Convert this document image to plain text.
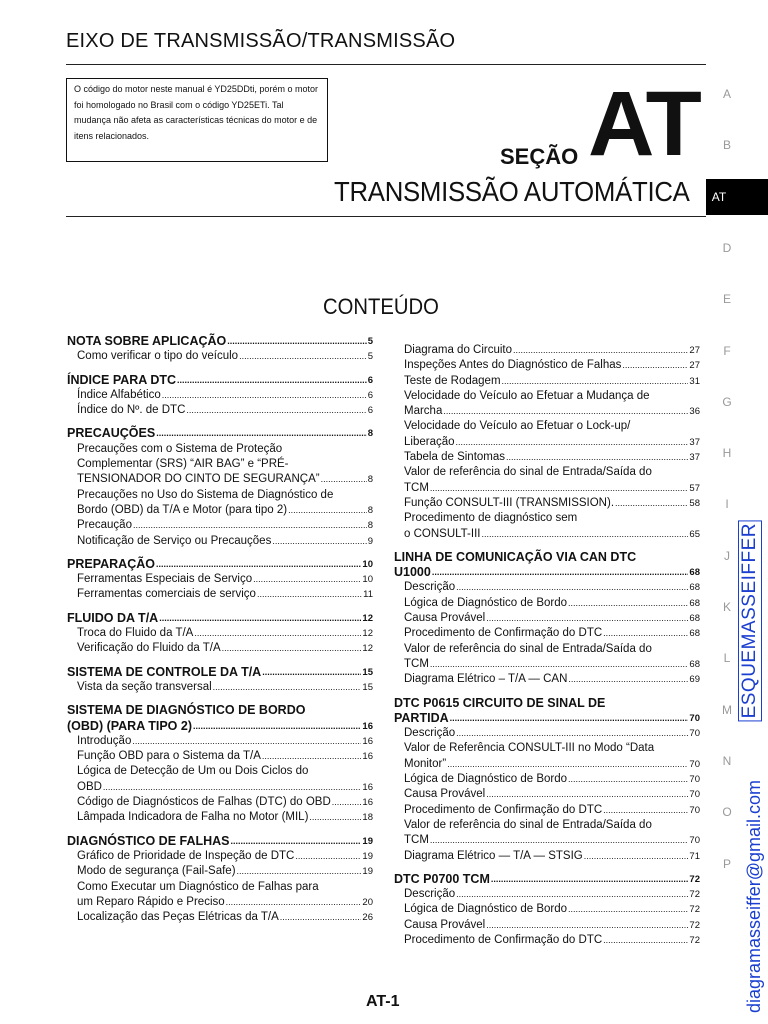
EIXO DE TRANSMISSÃO/TRANSMISSÃO
O código do motor neste manual é YD25DDti, porém o motor foi homologado no Brasil com o código YD25ETi. Tal mudança não afeta as características técnicas do motor e de itens relacionados.
SEÇÃO AT
TRANSMISSÃO AUTOMÁTICA
CONTEÚDO
NOTA SOBRE APLICAÇÃO .....	5
Como verificar o tipo do veículo .....	5
ÍNDICE PARA DTC .....	6
Índice Alfabético .....	6
Índice do Nº. de DTC .....	6
PRECAUÇÕES .....	8
Precauções com o Sistema de Proteção
Complementar (SRS) “AIR BAG” e “PRÉ-
TENSIONADOR DO CINTO DE SEGURANÇA” .....	8
Precauções no Uso do Sistema de Diagnóstico de
Bordo (OBD) da T/A e Motor (para tipo 2) .....	8
Precaução .....	8
Notificação de Serviço ou Precauções .....	9
PREPARAÇÃO .....	10
Ferramentas Especiais de Serviço .....	10
Ferramentas comerciais de serviço .....	11
FLUIDO DA T/A .....	12
Troca do Fluido da T/A .....	12
Verificação do Fluido da T/A .....	12
SISTEMA DE CONTROLE DA T/A .....	15
Vista da seção transversal .....	15
SISTEMA DE DIAGNÓSTICO DE BORDO
(OBD) (PARA TIPO 2) .....	16
Introdução .....	16
Função OBD para o Sistema da T/A .....	16
Lógica de Detecção de Um ou Dois Ciclos do
OBD .....	16
Código de Diagnósticos de Falhas (DTC) do OBD .....	16
Lâmpada Indicadora de Falha no Motor (MIL) .....	18
DIAGNÓSTICO DE FALHAS .....	19
Gráfico de Prioridade de Inspeção de DTC .....	19
Modo de segurança (Fail-Safe) .....	19
Como Executar um Diagnóstico de Falhas para
um Reparo Rápido e Preciso .....	20
Localização das Peças Elétricas da T/A .....	26
Diagrama do Circuito .....	27
Inspeções Antes do Diagnóstico de Falhas .....	27
Teste de Rodagem .....	31
Velocidade do Veículo ao Efetuar a Mudança de
Marcha .....	36
Velocidade do Veículo ao Efetuar o Lock-up/
Liberação .....	37
Tabela de Sintomas .....	37
Valor de referência do sinal de Entrada/Saída do
TCM .....	57
Função CONSULT-III (TRANSMISSION). .....	58
Procedimento de diagnóstico sem
o CONSULT-III .....	65
LINHA DE COMUNICAÇÃO VIA CAN DTC
U1000 .....	68
Descrição .....	68
Lógica de Diagnóstico de Bordo .....	68
Causa Provável .....	68
Procedimento de Confirmação do DTC .....	68
Valor de referência do sinal de Entrada/Saída do
TCM .....	68
Diagrama Elétrico – T/A — CAN .....	69
DTC P0615 CIRCUITO DE SINAL DE
PARTIDA .....	70
Descrição .....	70
Valor de Referência CONSULT-III no Modo “Data
Monitor” .....	70
Lógica de Diagnóstico de Bordo .....	70
Causa Provável .....	70
Procedimento de Confirmação do DTC .....	70
Valor de referência do sinal de Entrada/Saída do
TCM .....	70
Diagrama Elétrico — T/A — STSIG .....	71
DTC P0700 TCM .....	72
Descrição .....	72
Lógica de Diagnóstico de Bordo .....	72
Causa Provável .....	72
Procedimento de Confirmação do DTC .....	72
A
B
AT
D
E
F
G
H
I
J
K
L
M
N
O
P
ESQUEMASSEIFFER
diagramasseiffer@gmail.com
AT-1
